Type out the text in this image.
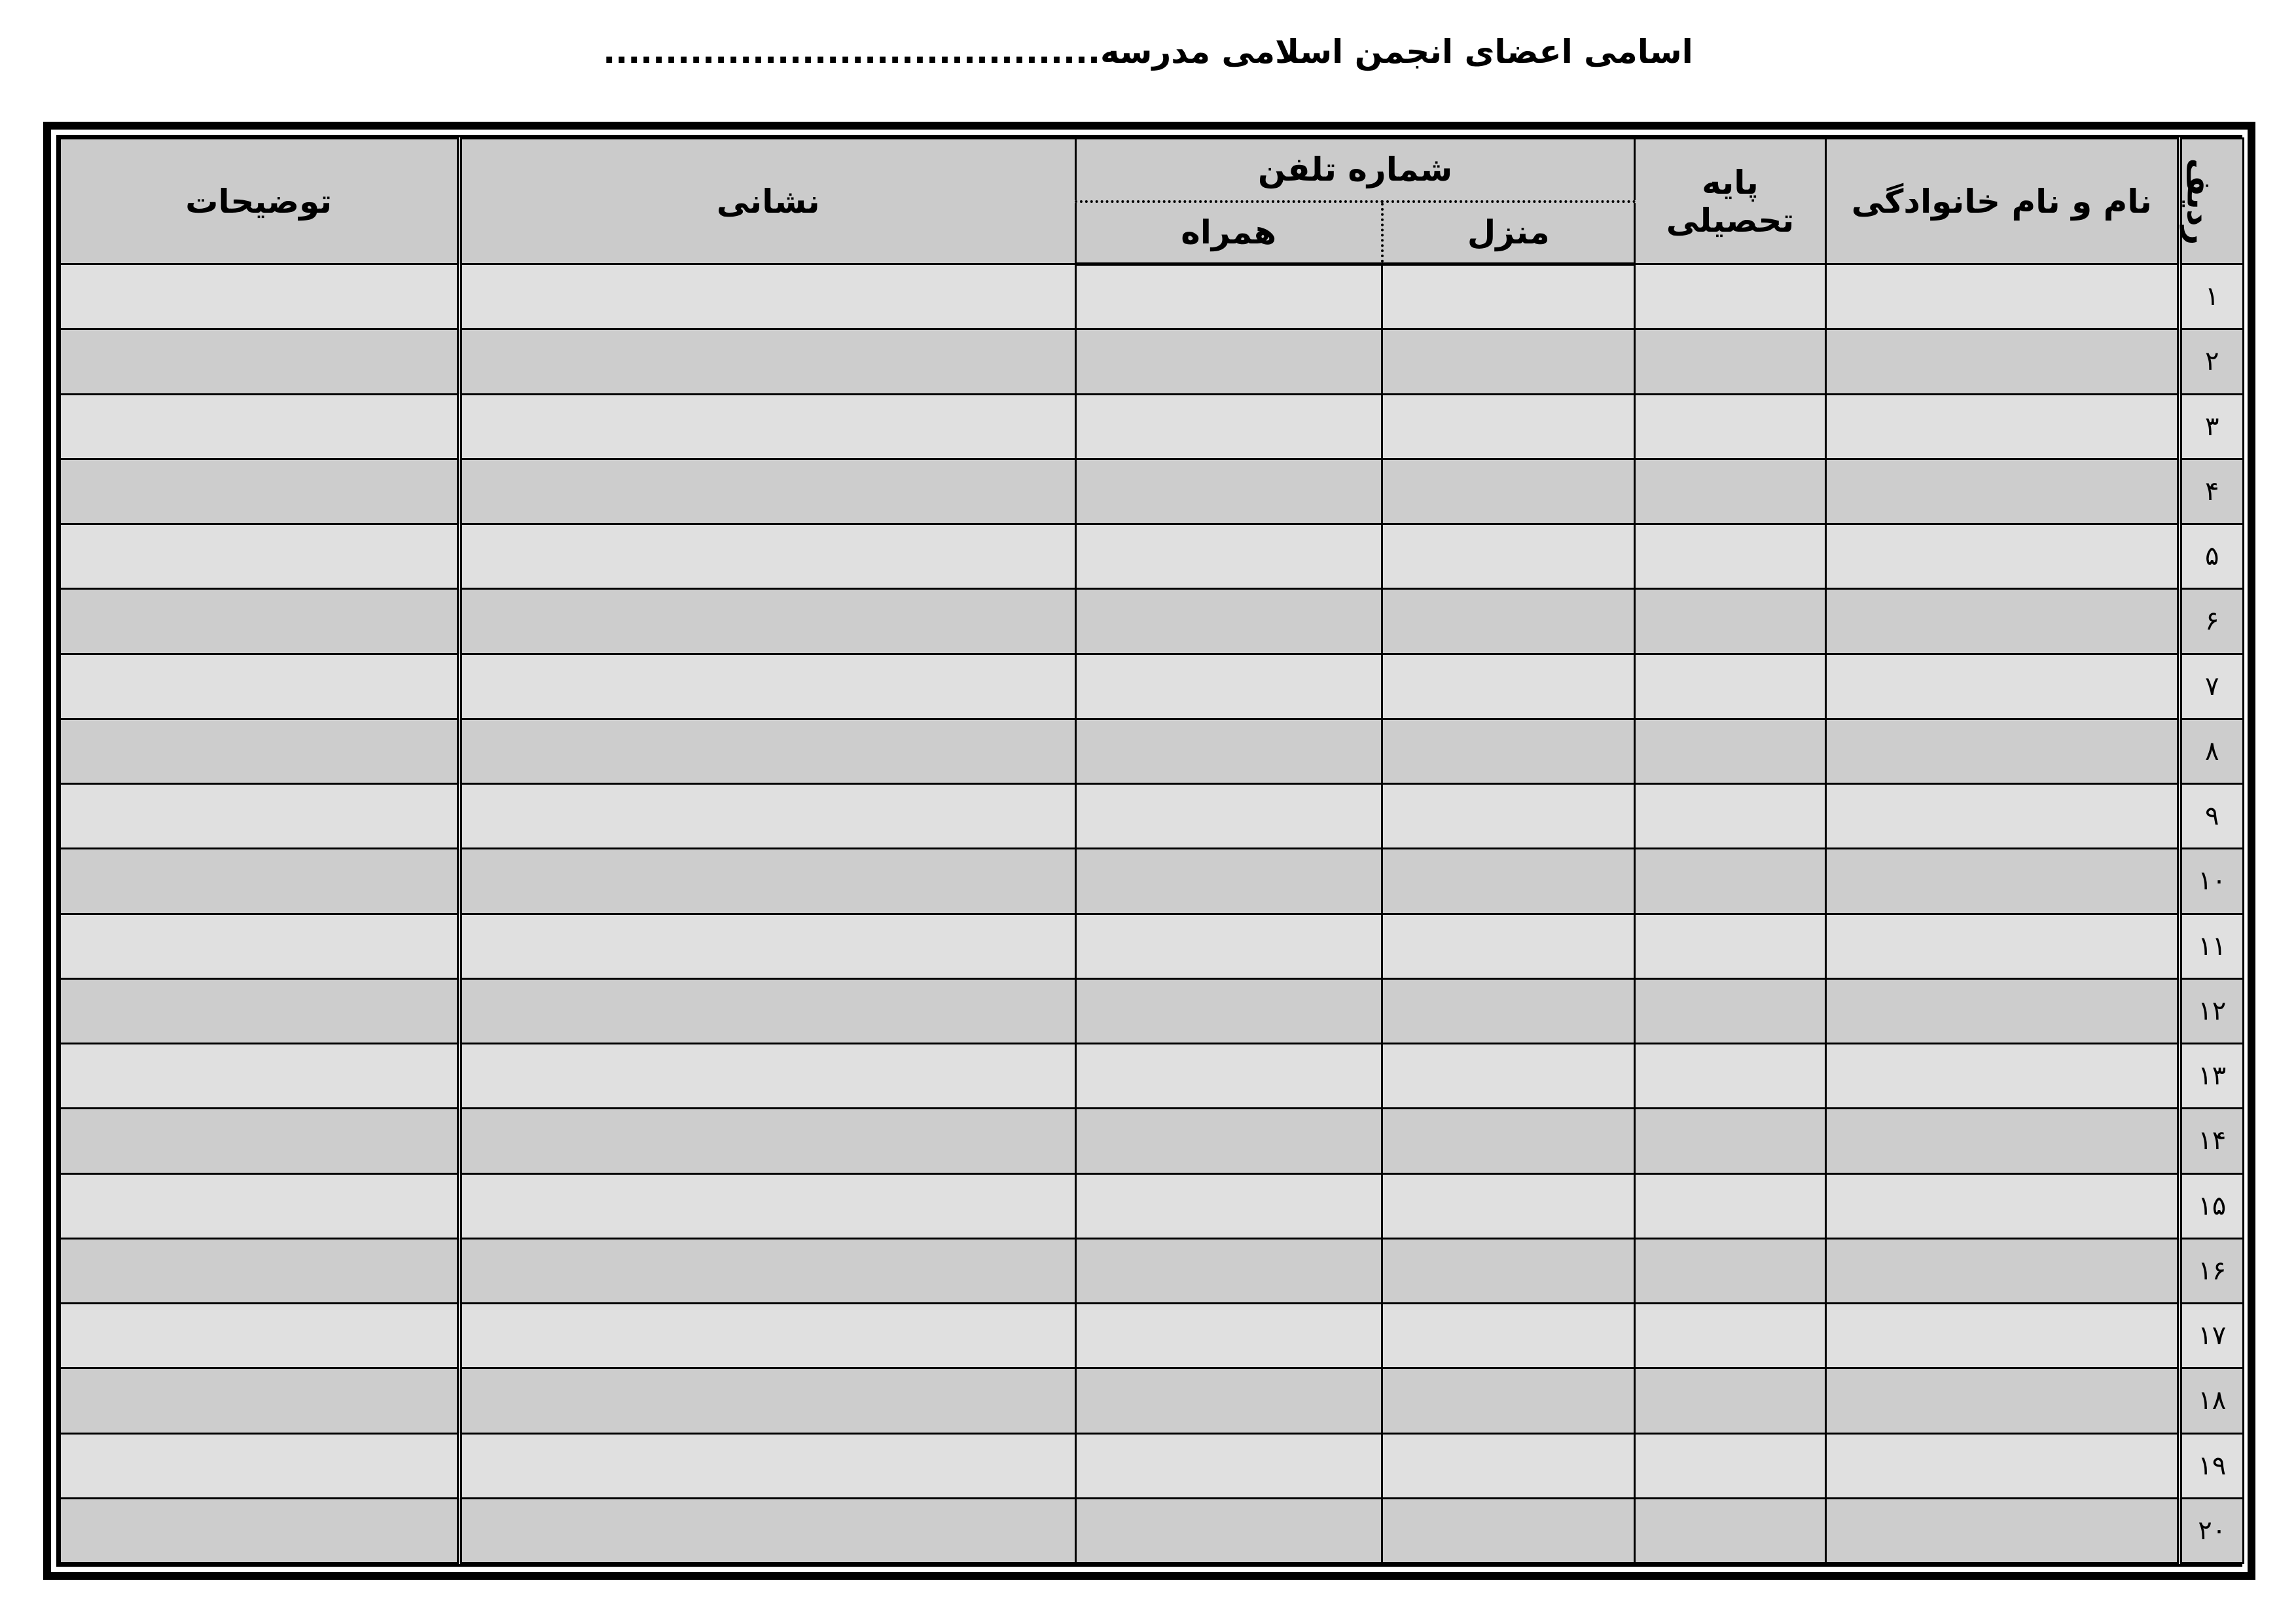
اسامی اعضای انجمن اسلامی مدرسه........................................
ردیف	نام و نام خانوادگی	پایه تحصیلی	شماره تلفن		نشانی	توضیحات
			منزل	همراه		
۱						
۲						
۳						
۴						
۵						
۶						
۷						
۸						
۹						
۱۰						
۱۱						
۱۲						
۱۳						
۱۴						
۱۵						
۱۶						
۱۷						
۱۸						
۱۹						
۲۰						
